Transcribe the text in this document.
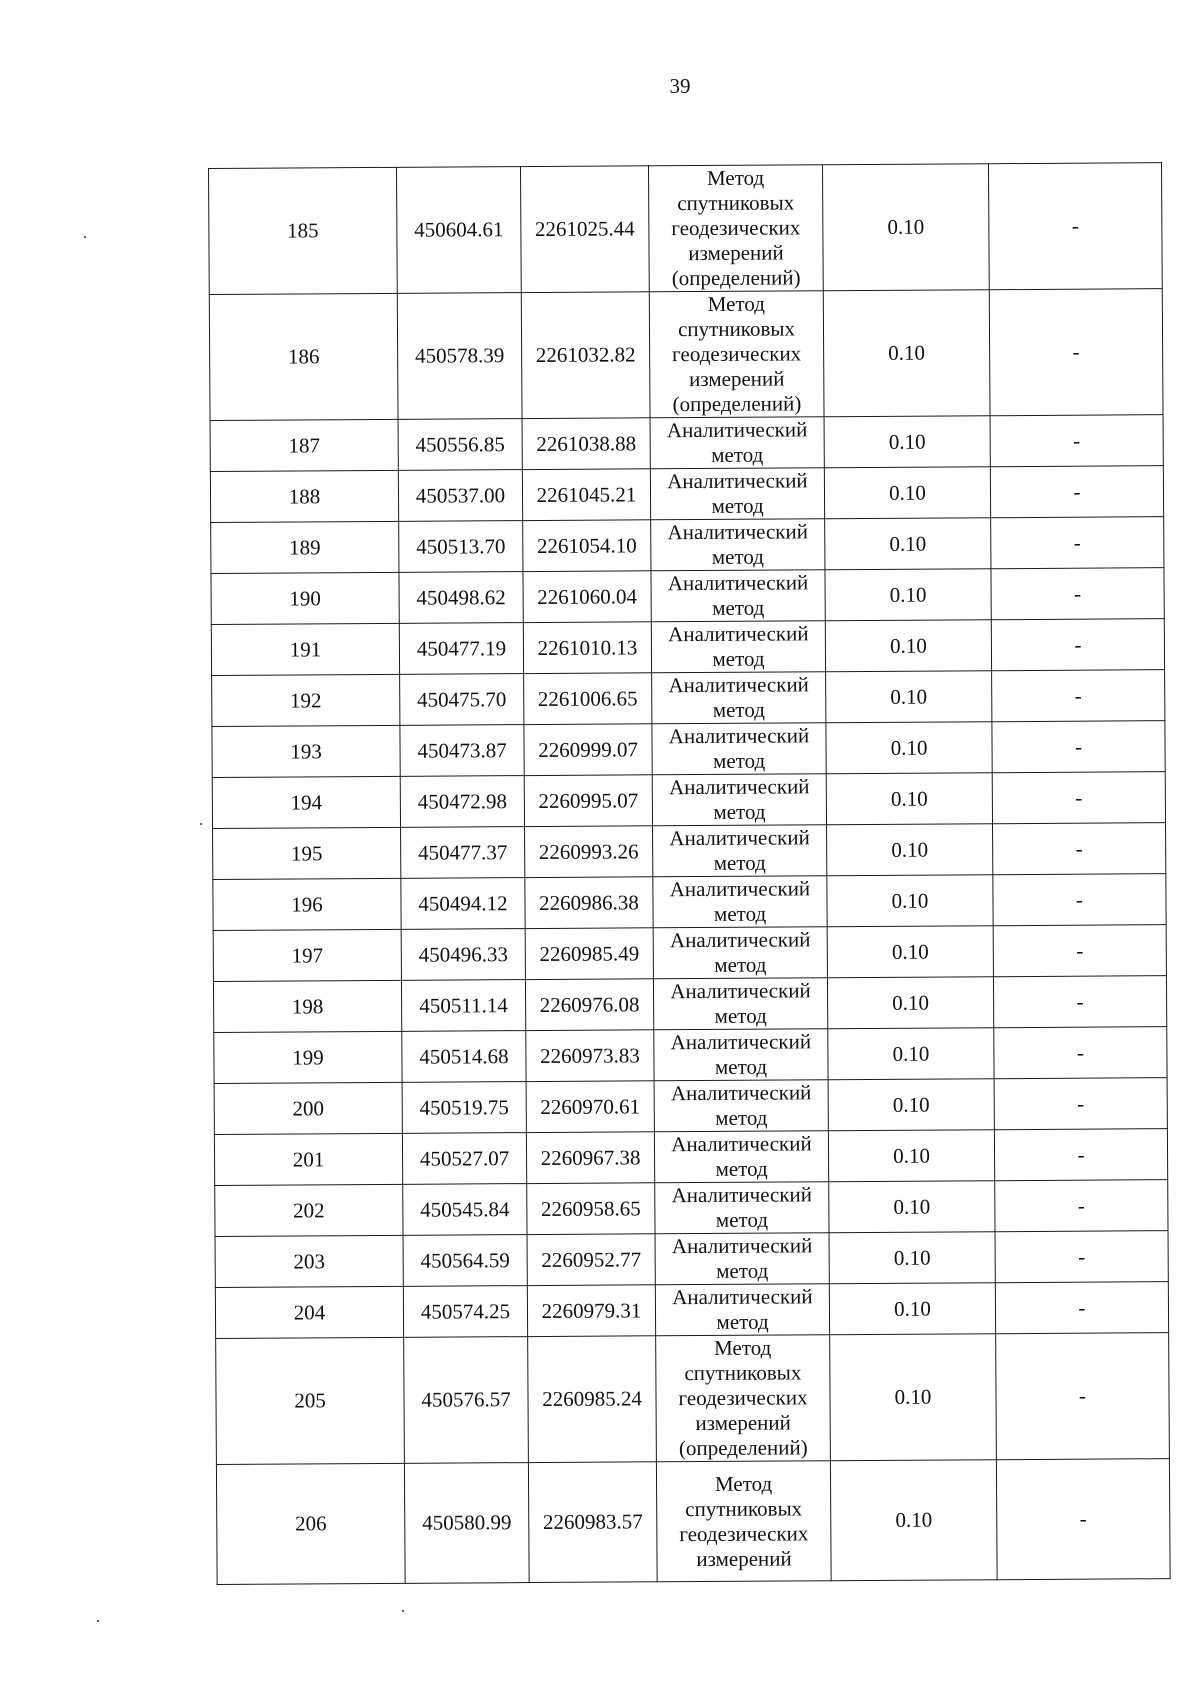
39
185	450604.61	2261025.44	Метод
спутниковых
геодезических
измерений
(определений)	0.10	-
186	450578.39	2261032.82	Метод
спутниковых
геодезических
измерений
(определений)	0.10	-
187	450556.85	2261038.88	Аналитический
метод	0.10	-
188	450537.00	2261045.21	Аналитический
метод	0.10	-
189	450513.70	2261054.10	Аналитический
метод	0.10	-
190	450498.62	2261060.04	Аналитический
метод	0.10	-
191	450477.19	2261010.13	Аналитический
метод	0.10	-
192	450475.70	2261006.65	Аналитический
метод	0.10	-
193	450473.87	2260999.07	Аналитический
метод	0.10	-
194	450472.98	2260995.07	Аналитический
метод	0.10	-
195	450477.37	2260993.26	Аналитический
метод	0.10	-
196	450494.12	2260986.38	Аналитический
метод	0.10	-
197	450496.33	2260985.49	Аналитический
метод	0.10	-
198	450511.14	2260976.08	Аналитический
метод	0.10	-
199	450514.68	2260973.83	Аналитический
метод	0.10	-
200	450519.75	2260970.61	Аналитический
метод	0.10	-
201	450527.07	2260967.38	Аналитический
метод	0.10	-
202	450545.84	2260958.65	Аналитический
метод	0.10	-
203	450564.59	2260952.77	Аналитический
метод	0.10	-
204	450574.25	2260979.31	Аналитический
метод	0.10	-
205	450576.57	2260985.24	Метод
спутниковых
геодезических
измерений
(определений)	0.10	-
206	450580.99	2260983.57	Метод
спутниковых
геодезических
измерений	0.10	-
